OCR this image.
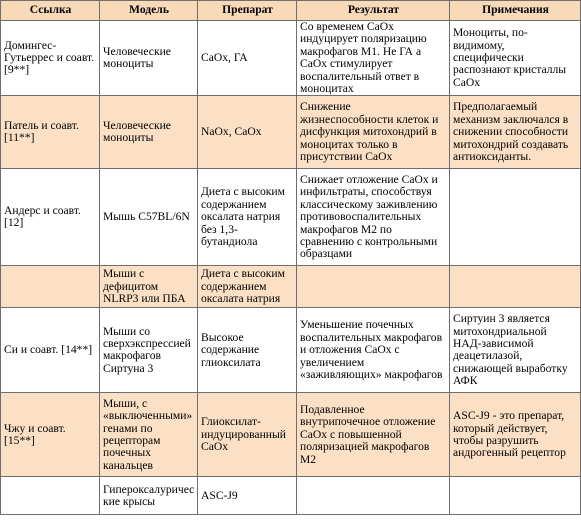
Ссылка	Модель	Препарат	Результат	Примечания
Домингес-Гутьеррес и соавт. [9**]	Человеческие моноциты	CaOx, ГА	Со временем CaOx индуцирует поляризацию макрофагов М1. Не ГА а CaOx стимулирует воспалительный ответ в моноцитах	Моноциты, по-видимому, специфически распознают кристаллы CaOx
Патель и соавт. [11**]	Человеческие моноциты	NaOx, CaOx	Снижение жизнеспособности клеток и дисфункция митохондрий в моноцитах только в присутствии CaOx	Предполагаемый механизм заключался в снижении способности митохондрий создавать антиоксиданты.
Андерс и соавт. [12]	Мышь C57BL/6N	Диета с высоким содержанием оксалата натрия без 1,3-бутандиола	Снижает отложение CaOx и инфильтраты, способствуя классическому заживлению противовоспалительных макрофагов М2 по сравнению с контрольными образцами	
	Мыши с дефицитом NLRP3 или ПБА	Диета с высоким содержанием оксалата натрия		
Си и соавт. [14**]	Мыши со сверхэкспрессией макрофагов Сиртуна 3	Высокое содержание глиоксилата	Уменьшение почечных воспалительных макрофагов и отложения CaOx с увеличением «заживляющих» макрофагов	Сиртуин 3 является митохондриальной НАД-зависимой деацетилазой, снижающей выработку АФК
Чжу и соавт. [15**]	Мыши, с «выключенными» генами по рецепторам почечных канальцев	Глиоксилат-индуцированный CaOx	Подавленное внутрипочечное отложение CaOx с повышенной поляризацией макрофагов М2	ASC-J9 - это препарат, который действует, чтобы разрушить андрогенный рецептор
	Гипероксалуричес кие крысы	ASC-J9		
